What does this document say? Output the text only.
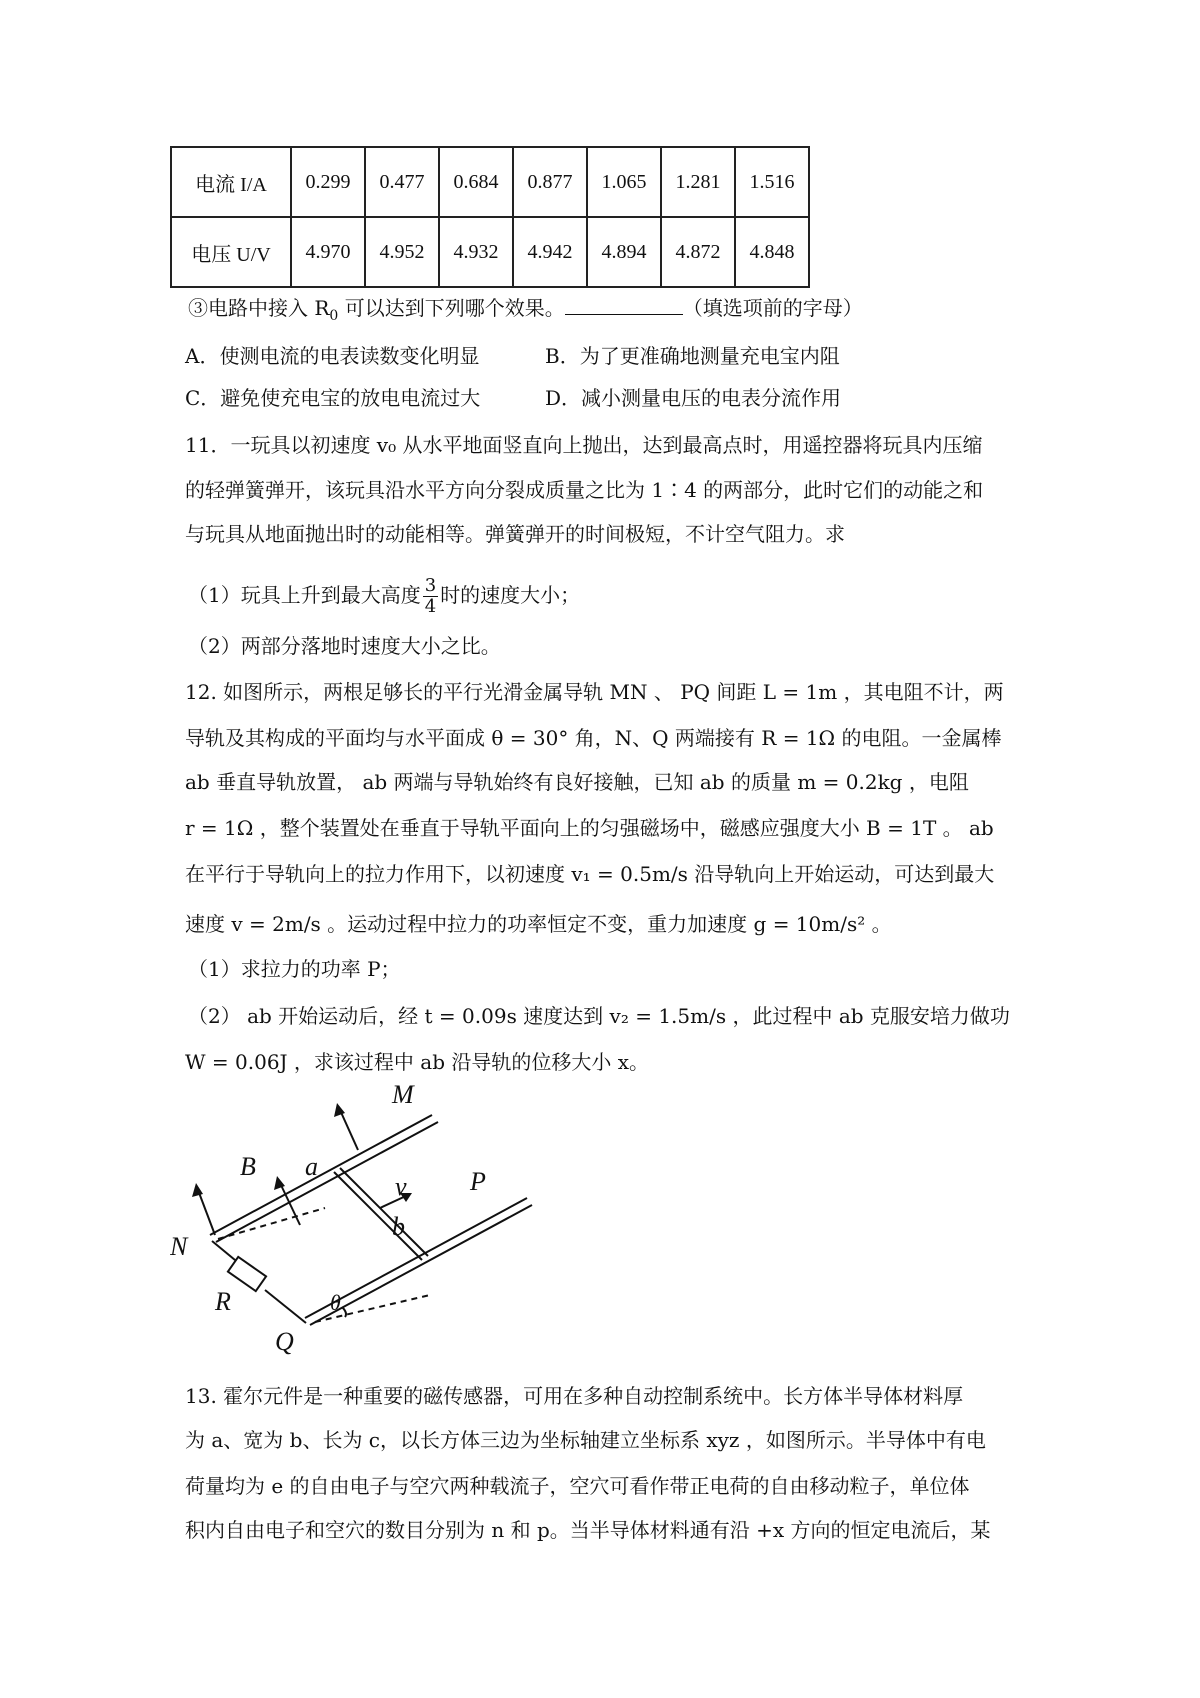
电流 I/A	0.299	0.477	0.684	0.877	1.065	1.281	1.516
电压 U/V	4.970	4.952	4.932	4.942	4.894	4.872	4.848
③电路中接入 $R_0$ 可以达到下列哪个效果。	（填选项前的字母）
A．使测电流的电表读数变化明显	B．为了更准确地测量充电宝内阻
C．避免使充电宝的放电电流过大	D．减小测量电压的电表分流作用
11．一玩具以初速度 v₀ 从水平地面竖直向上抛出，达到最高点时，用遥控器将玩具内压缩
的轻弹簧弹开，该玩具沿水平方向分裂成质量之比为 1∶4 的两部分，此时它们的动能之和
与玩具从地面抛出时的动能相等。弹簧弹开的时间极短，不计空气阻力。求
（1）玩具上升到最大高度 $\frac{3}{4}$ 时的速度大小；
（2）两部分落地时速度大小之比。
12. 如图所示，两根足够长的平行光滑金属导轨 MN 、 PQ 间距 L = 1m ，其电阻不计，两
导轨及其构成的平面均与水平面成 θ = 30° 角，N、Q 两端接有 R = 1Ω 的电阻。一金属棒
ab 垂直导轨放置， ab 两端与导轨始终有良好接触，已知 ab 的质量 m = 0.2kg ，电阻
r = 1Ω ，整个装置处在垂直于导轨平面向上的匀强磁场中，磁感应强度大小 B = 1T 。 ab
在平行于导轨向上的拉力作用下，以初速度 v₁ = 0.5m/s 沿导轨向上开始运动，可达到最大
速度 v = 2m/s 。运动过程中拉力的功率恒定不变，重力加速度 g = 10m/s² 。
（1）求拉力的功率 P；
（2） ab 开始运动后，经 t = 0.09s 速度达到 v₂ = 1.5m/s ，此过程中 ab 克服安培力做功
W = 0.06J ，求该过程中 ab 沿导轨的位移大小 x。
M
P
N
Q
B a
b
v
R	θ
13. 霍尔元件是一种重要的磁传感器，可用在多种自动控制系统中。长方体半导体材料厚
为 a、宽为 b、长为 c，以长方体三边为坐标轴建立坐标系 xyz ，如图所示。半导体中有电
荷量均为 e 的自由电子与空穴两种载流子，空穴可看作带正电荷的自由移动粒子，单位体
积内自由电子和空穴的数目分别为 n 和 p。当半导体材料通有沿 +x 方向的恒定电流后，某
